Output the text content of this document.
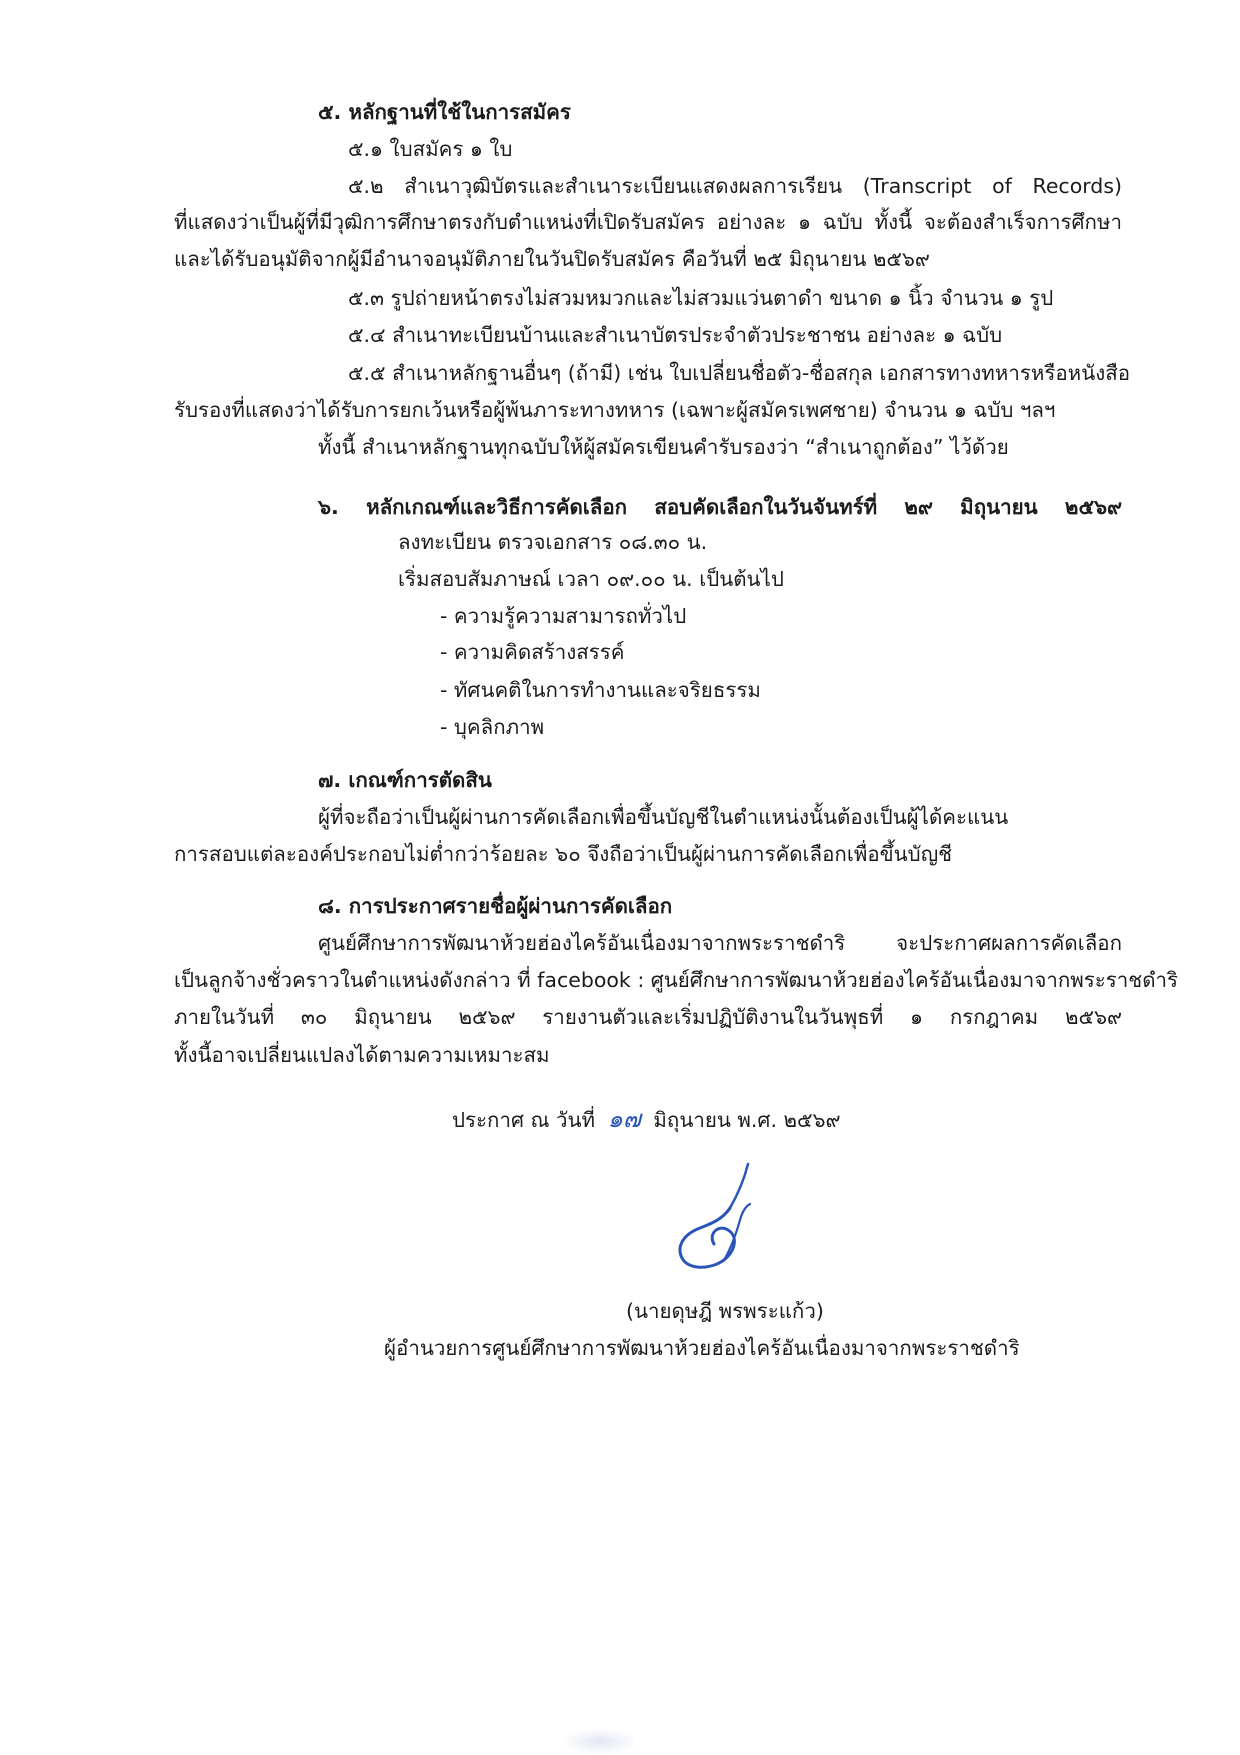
๕. หลักฐานที่ใช้ในการสมัคร
๕.๑ ใบสมัคร ๑ ใบ
๕.๒ สำเนาวุฒิบัตรและสำเนาระเบียนแสดงผลการเรียน (Transcript of Records)
ที่แสดงว่าเป็นผู้ที่มีวุฒิการศึกษาตรงกับตำแหน่งที่เปิดรับสมัคร อย่างละ ๑ ฉบับ ทั้งนี้ จะต้องสำเร็จการศึกษา
และได้รับอนุมัติจากผู้มีอำนาจอนุมัติภายในวันปิดรับสมัคร คือวันที่ ๒๕ มิถุนายน ๒๕๖๙
๕.๓ รูปถ่ายหน้าตรงไม่สวมหมวกและไม่สวมแว่นตาดำ ขนาด ๑ นิ้ว จำนวน ๑ รูป
๕.๔ สำเนาทะเบียนบ้านและสำเนาบัตรประจำตัวประชาชน อย่างละ ๑ ฉบับ
๕.๕ สำเนาหลักฐานอื่นๆ (ถ้ามี) เช่น ใบเปลี่ยนชื่อตัว-ชื่อสกุล เอกสารทางทหารหรือหนังสือ
รับรองที่แสดงว่าได้รับการยกเว้นหรือผู้พ้นภาระทางทหาร (เฉพาะผู้สมัครเพศชาย) จำนวน ๑ ฉบับ ฯลฯ
ทั้งนี้ สำเนาหลักฐานทุกฉบับให้ผู้สมัครเขียนคำรับรองว่า “สำเนาถูกต้อง” ไว้ด้วย
๖. หลักเกณฑ์และวิธีการคัดเลือก สอบคัดเลือกในวันจันทร์ที่ ๒๙ มิถุนายน ๒๕๖๙
ลงทะเบียน ตรวจเอกสาร ๐๘.๓๐ น.
เริ่มสอบสัมภาษณ์ เวลา ๐๙.๐๐ น. เป็นต้นไป
- ความรู้ความสามารถทั่วไป
- ความคิดสร้างสรรค์
- ทัศนคติในการทำงานและจริยธรรม
- บุคลิกภาพ
๗. เกณฑ์การตัดสิน
ผู้ที่จะถือว่าเป็นผู้ผ่านการคัดเลือกเพื่อขึ้นบัญชีในตำแหน่งนั้นต้องเป็นผู้ได้คะแนน
การสอบแต่ละองค์ประกอบไม่ต่ำกว่าร้อยละ ๖๐ จึงถือว่าเป็นผู้ผ่านการคัดเลือกเพื่อขึ้นบัญชี
๘. การประกาศรายชื่อผู้ผ่านการคัดเลือก
ศูนย์ศึกษาการพัฒนาห้วยฮ่องไคร้อันเนื่องมาจากพระราชดำริ จะประกาศผลการคัดเลือก
เป็นลูกจ้างชั่วคราวในตำแหน่งดังกล่าว ที่ facebook : ศูนย์ศึกษาการพัฒนาห้วยฮ่องไคร้อันเนื่องมาจากพระราชดำริ
ภายในวันที่ ๓๐ มิถุนายน ๒๕๖๙ รายงานตัวและเริ่มปฏิบัติงานในวันพุธที่ ๑ กรกฎาคม ๒๕๖๙
ทั้งนี้อาจเปลี่ยนแปลงได้ตามความเหมาะสม
ประกาศ ณ วันที่ ๑๗ มิถุนายน พ.ศ. ๒๕๖๙
(นายดุษฎี พรพระแก้ว)
ผู้อำนวยการศูนย์ศึกษาการพัฒนาห้วยฮ่องไคร้อันเนื่องมาจากพระราชดำริ
